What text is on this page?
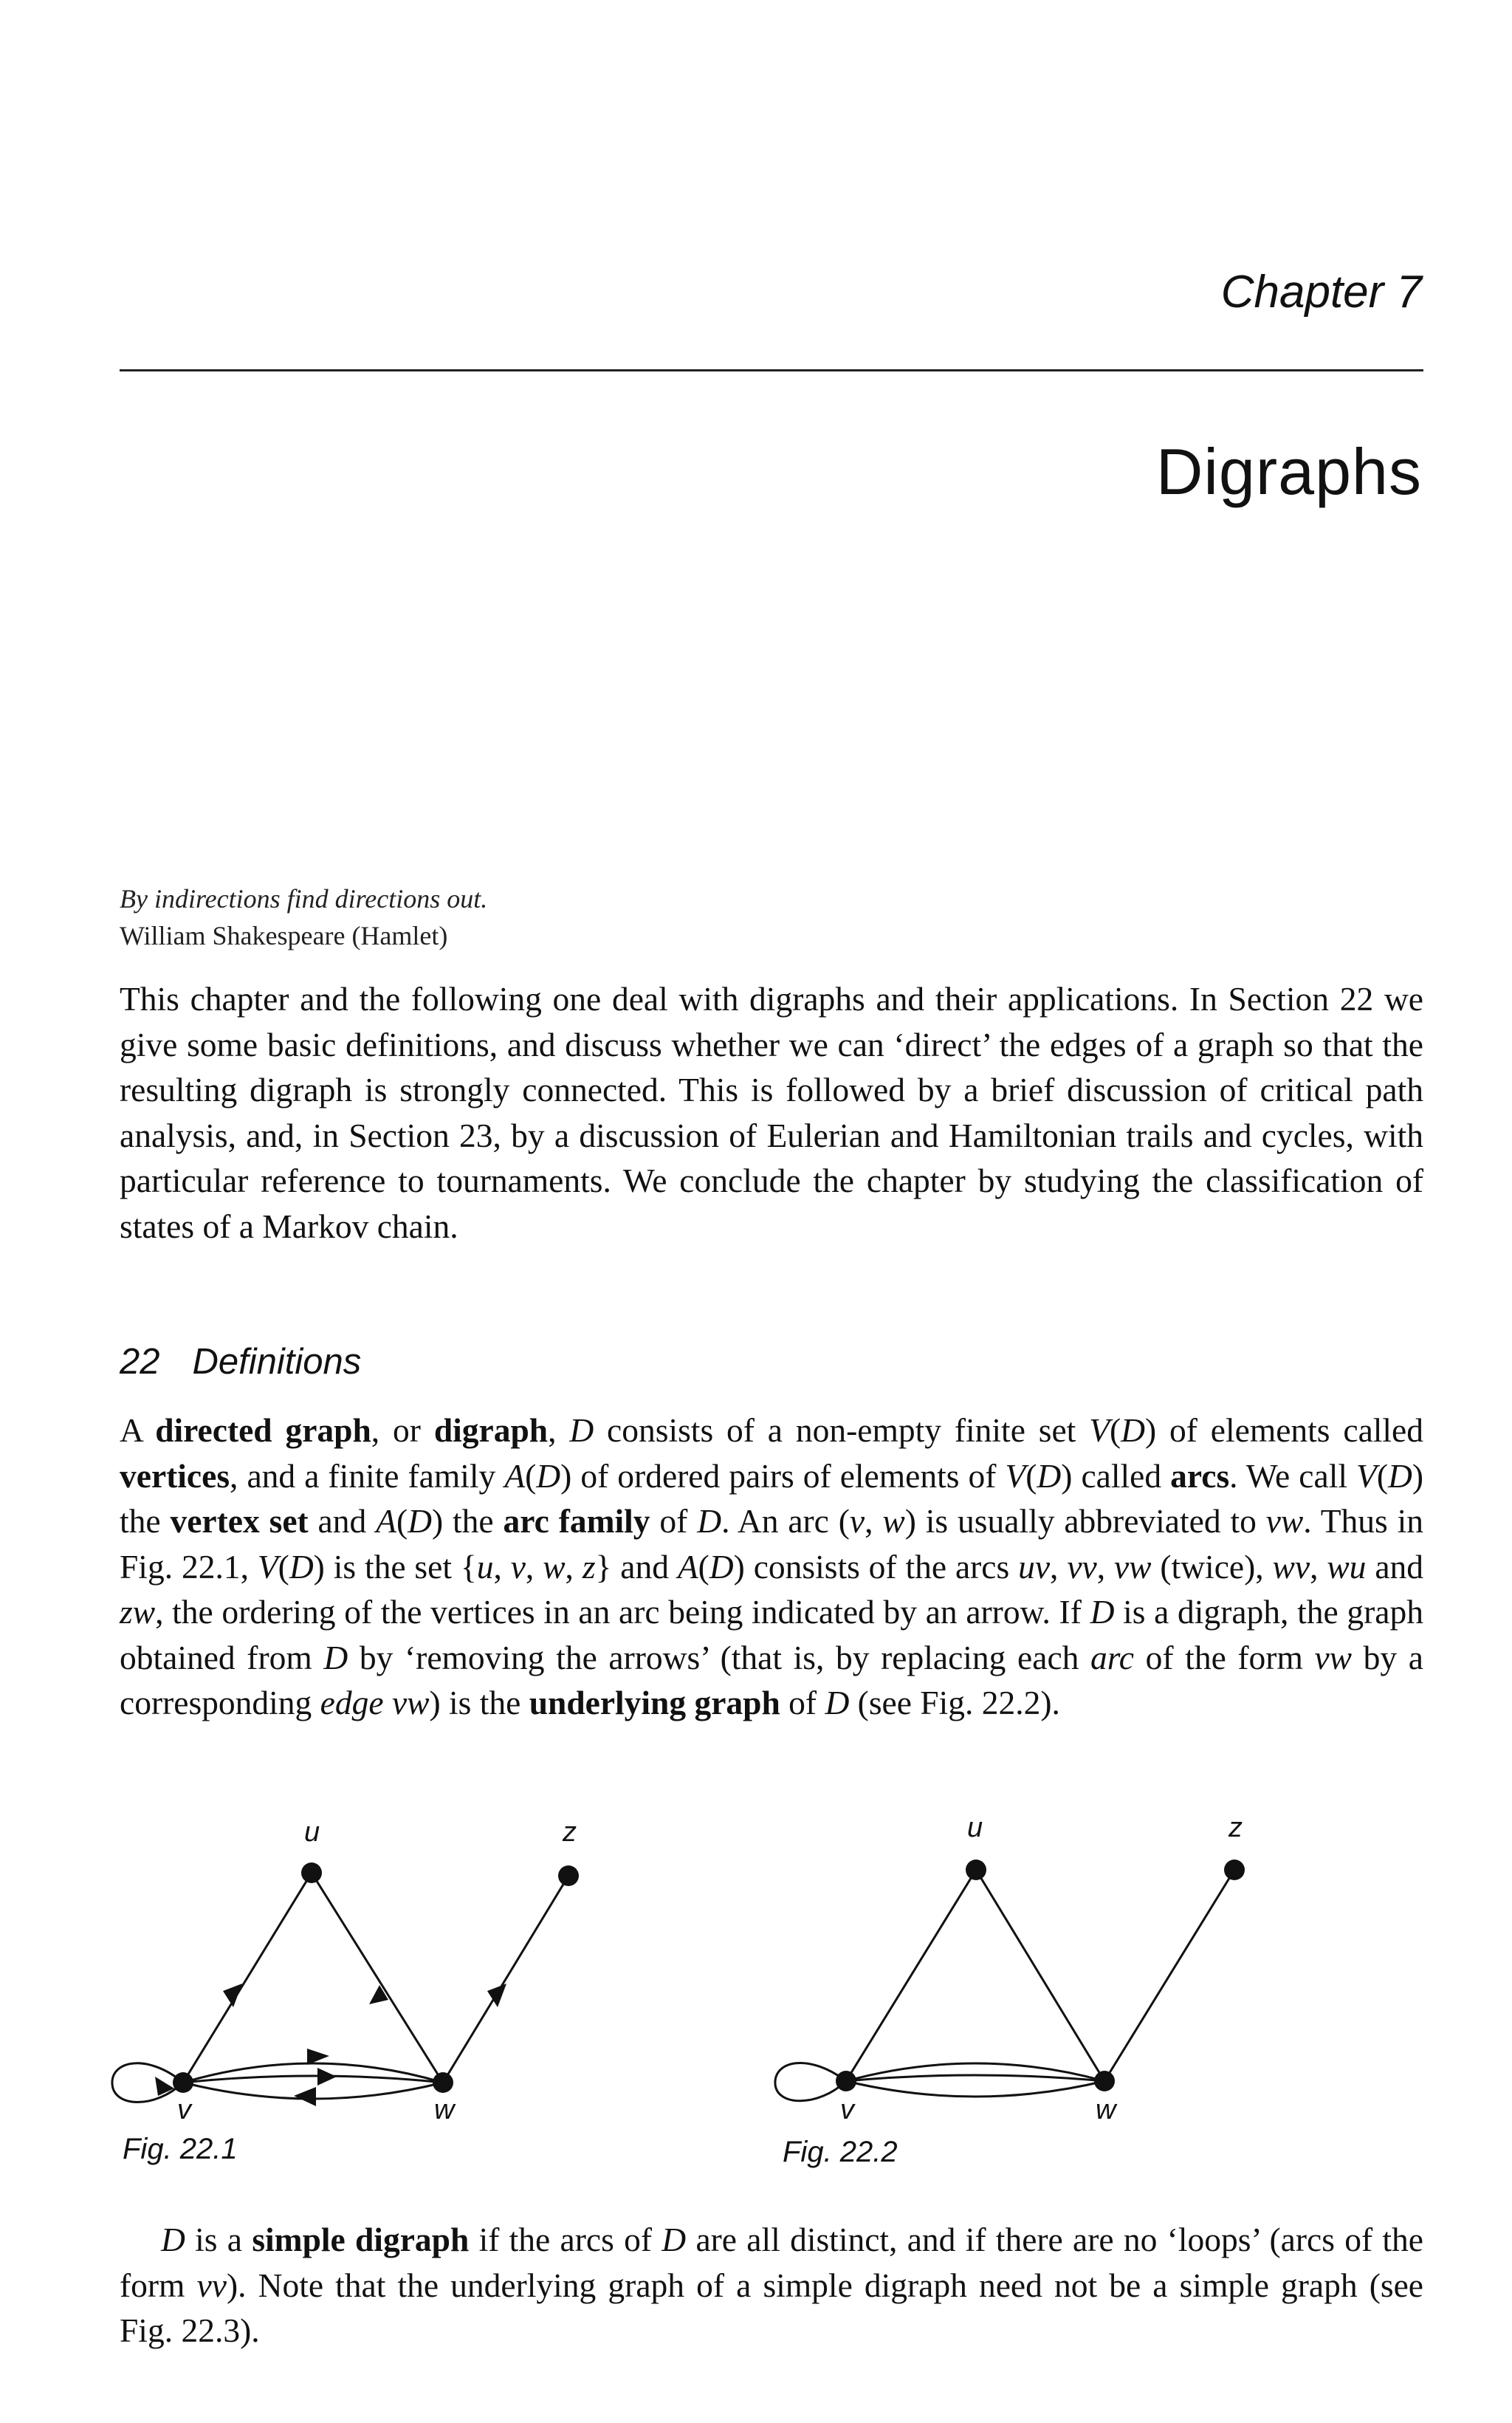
Chapter 7
Digraphs
By indirections find directions out.
William Shakespeare (Hamlet)
This chapter and the following one deal with digraphs and their applications. In Section 22 we give some basic definitions, and discuss whether we can ‘direct’ the edges of a graph so that the resulting digraph is strongly connected. This is followed by a brief discussion of critical path analysis, and, in Section 23, by a discussion of Eulerian and Hamiltonian trails and cycles, with particular reference to tournaments. We conclude the chapter by studying the classification of states of a Markov chain.
22 Definitions
A directed graph, or digraph, D consists of a non-empty finite set V(D) of elements called vertices, and a finite family A(D) of ordered pairs of elements of V(D) called arcs. We call V(D) the vertex set and A(D) the arc family of D. An arc (v, w) is usually abbreviated to vw. Thus in Fig. 22.1, V(D) is the set {u, v, w, z} and A(D) consists of the arcs uv, vv, vw (twice), wv, wu and zw, the ordering of the vertices in an arc being indicated by an arrow. If D is a digraph, the graph obtained from D by ‘removing the arrows’ (that is, by replacing each arc of the form vw by a corresponding edge vw) is the underlying graph of D (see Fig. 22.2).
u	z
v	w
Fig. 22.1
u	z
v	w
Fig. 22.2
D is a simple digraph if the arcs of D are all distinct, and if there are no ‘loops’ (arcs of the form vv). Note that the underlying graph of a simple digraph need not be a simple graph (see Fig. 22.3).
